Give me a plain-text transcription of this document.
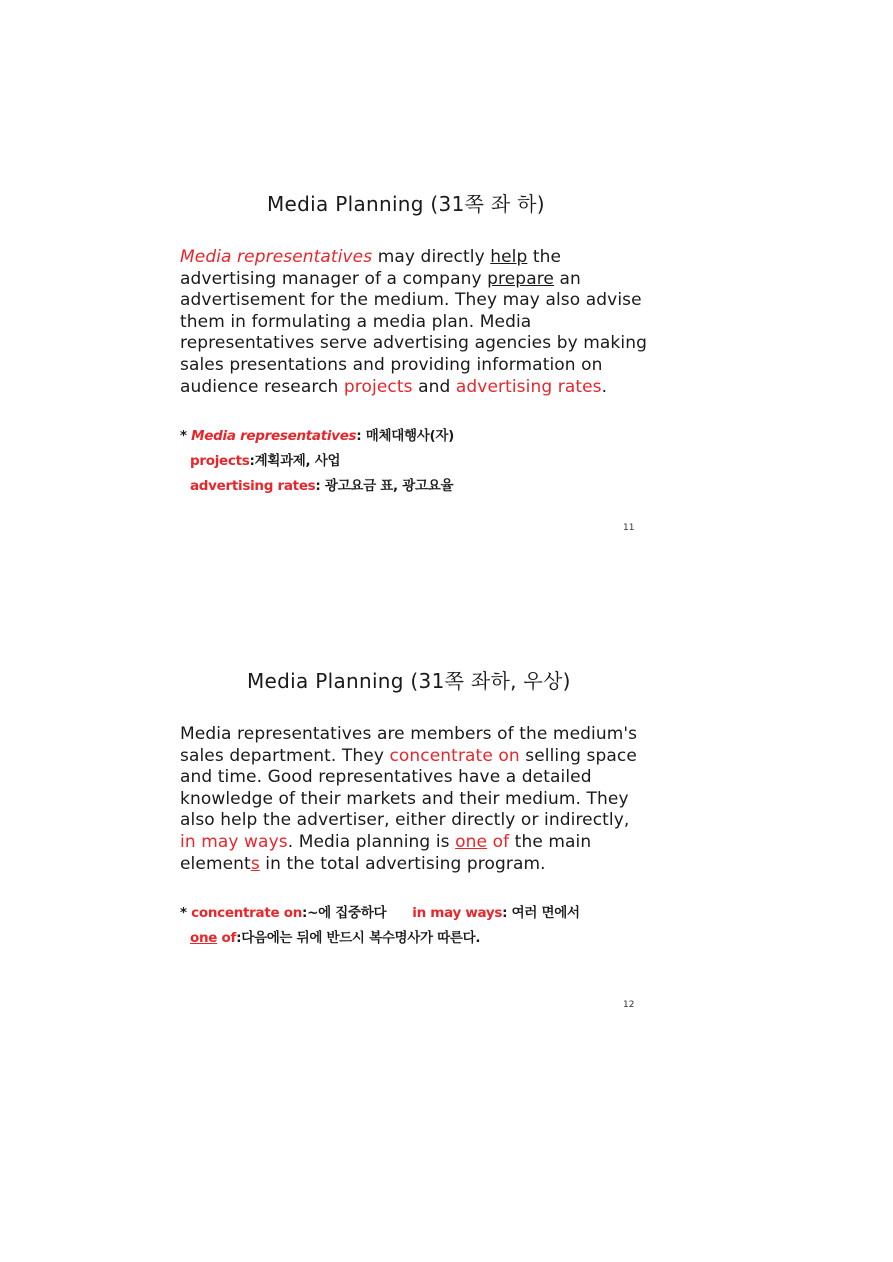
Media Planning (31쪽 좌 하)
Media representatives may directly help the advertising manager of a company prepare an advertisement for the medium. They may also advise them in formulating a media plan. Media representatives serve advertising agencies by making sales presentations and providing information on audience research projects and advertising rates.
* Media representatives: 매체대행사(자)
projects:계획과제, 사업
advertising rates: 광고요금 표, 광고요율
11
Media Planning (31쪽 좌하, 우상)
Media representatives are members of the medium's sales department. They concentrate on selling space and time. Good representatives have a detailed knowledge of their markets and their medium. They also help the advertiser, either directly or indirectly, in may ways. Media planning is one of the main elements in the total advertising program.
* concentrate on:~에 집중하다 in may ways: 여러 면에서
one of:다음에는 뒤에 반드시 복수명사가 따른다.
12
